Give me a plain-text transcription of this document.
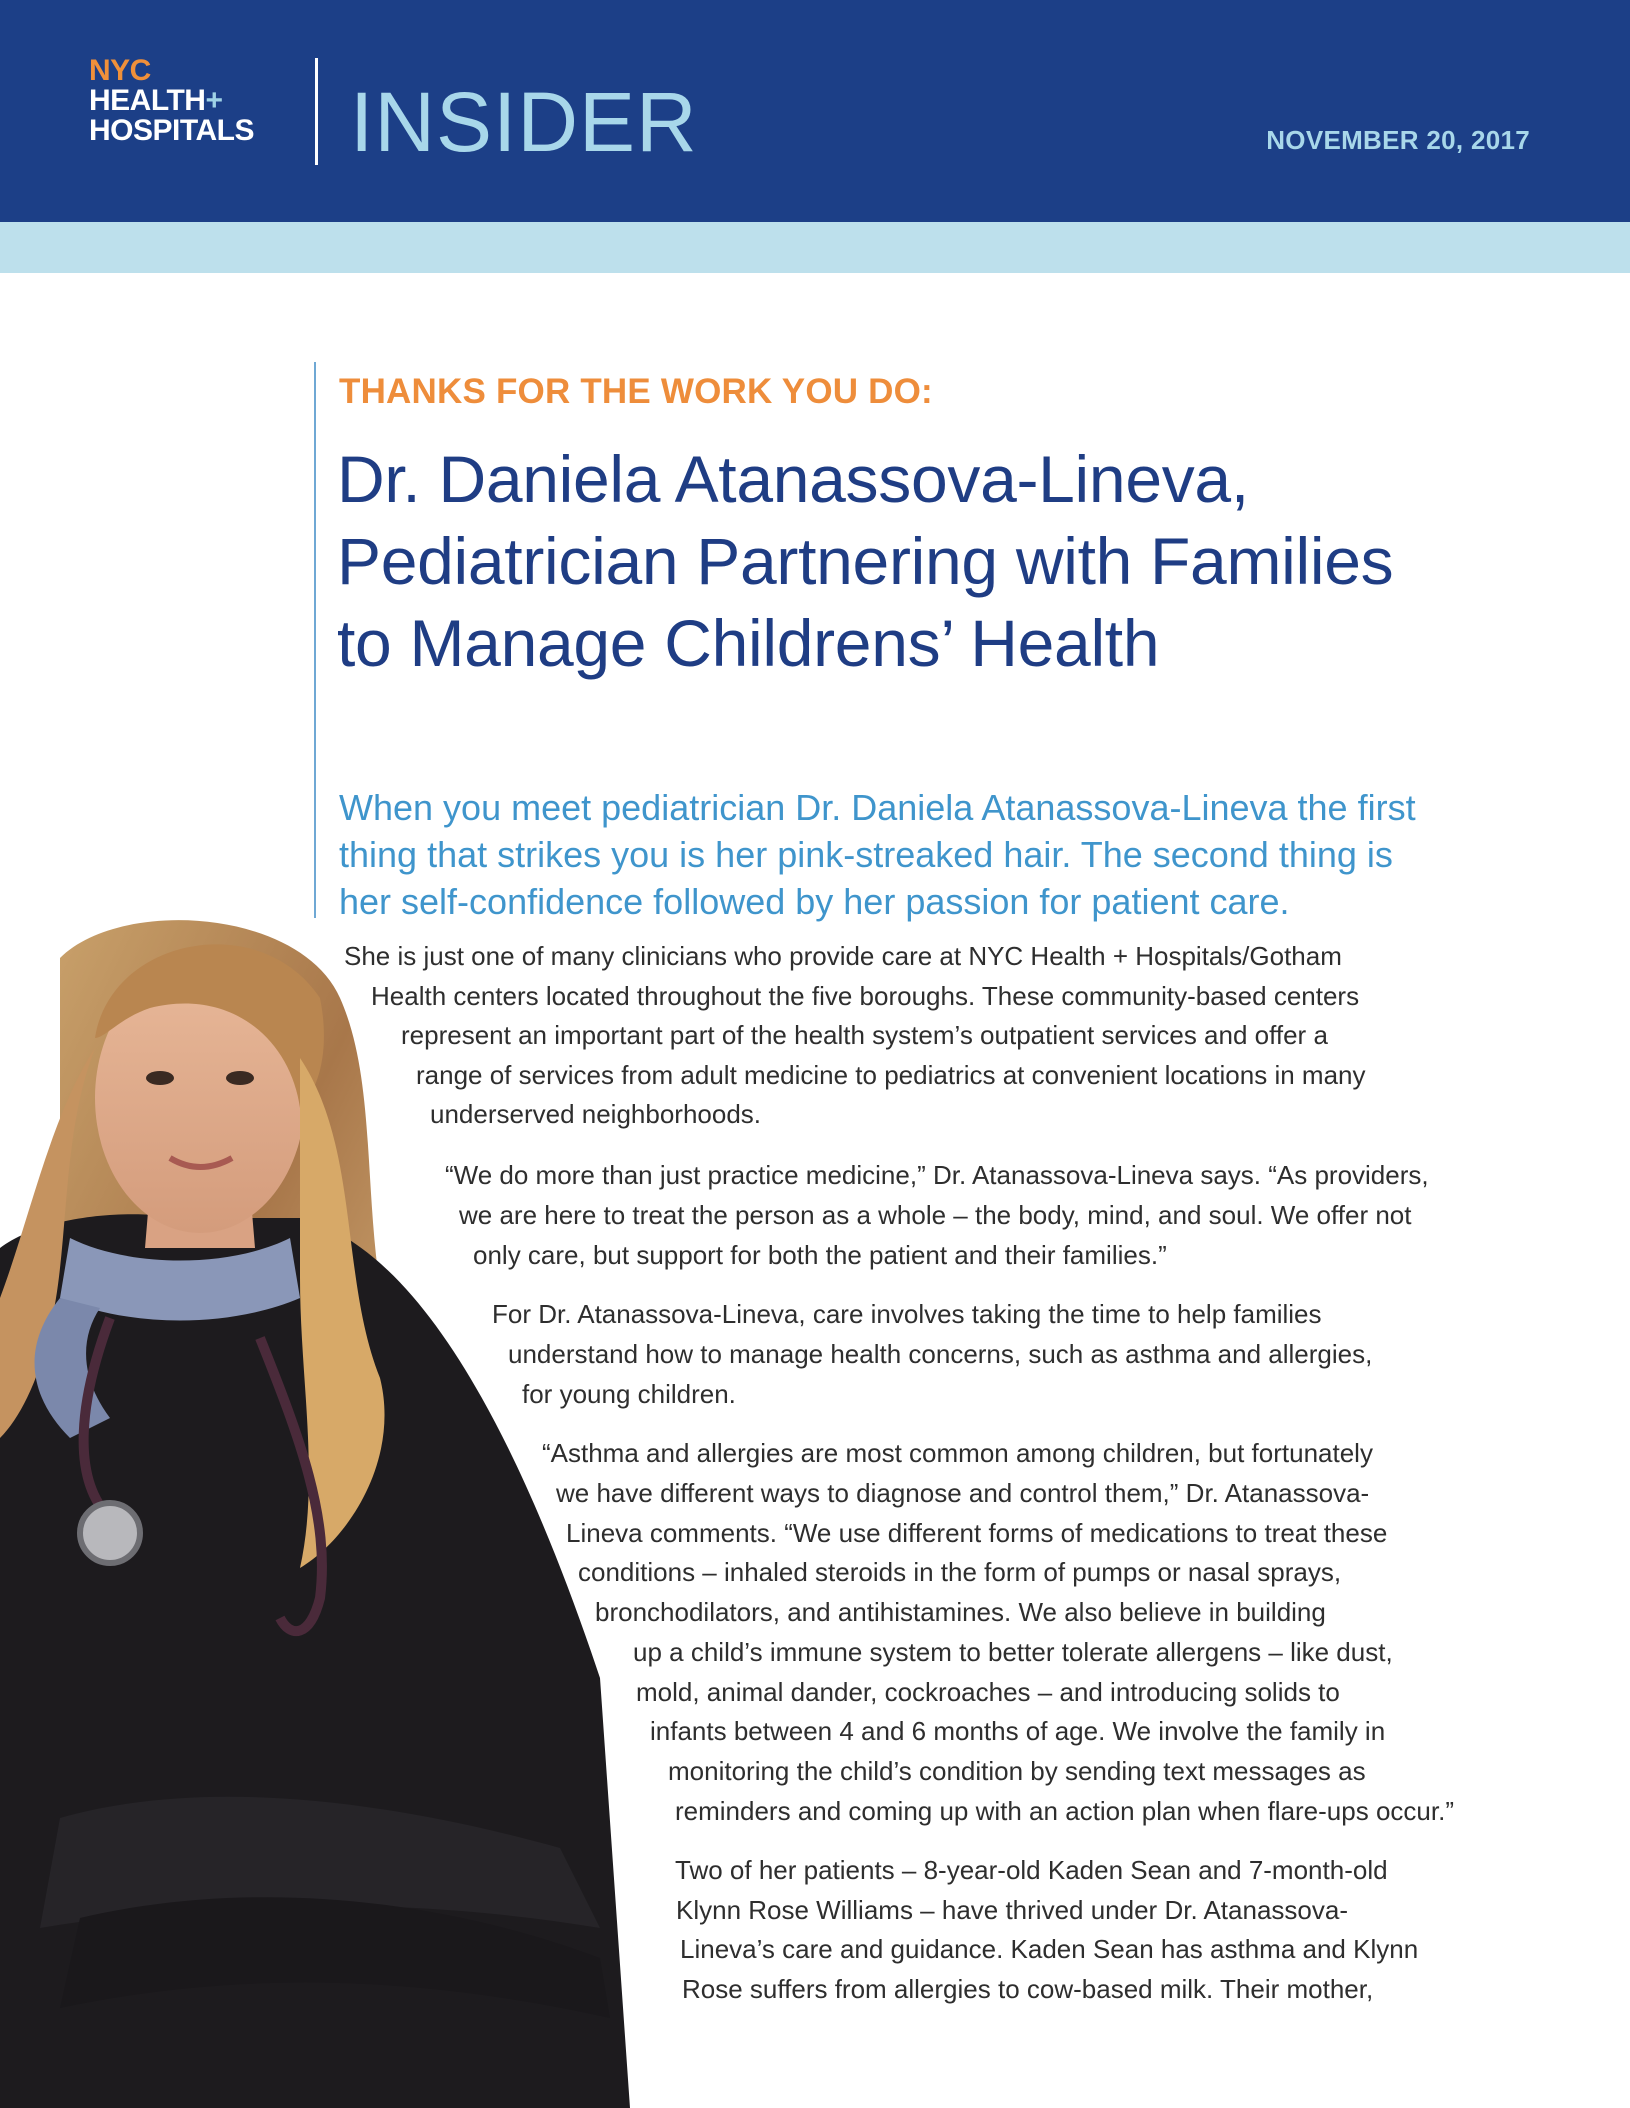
NYC
HEALTH+
HOSPITALS INSIDER	NOVEMBER 20, 2017
THANKS FOR THE WORK YOU DO:
Dr. Daniela Atanassova-Lineva,
Pediatrician Partnering with Families
to Manage Childrens’ Health
When you meet pediatrician Dr. Daniela Atanassova-Lineva the first
thing that strikes you is her pink-streaked hair. The second thing is
her self-confidence followed by her passion for patient care.
She is just one of many clinicians who provide care at NYC Health + Hospitals/Gotham
Health centers located throughout the five boroughs. These community-based centers
represent an important part of the health system’s outpatient services and offer a
range of services from adult medicine to pediatrics at convenient locations in many
underserved neighborhoods.
“We do more than just practice medicine,” Dr. Atanassova-Lineva says. “As providers,
we are here to treat the person as a whole – the body, mind, and soul. We offer not
only care, but support for both the patient and their families.”
For Dr. Atanassova-Lineva, care involves taking the time to help families
understand how to manage health concerns, such as asthma and allergies,
for young children.
“Asthma and allergies are most common among children, but fortunately
we have different ways to diagnose and control them,” Dr. Atanassova-
Lineva comments. “We use different forms of medications to treat these
conditions – inhaled steroids in the form of pumps or nasal sprays,
bronchodilators, and antihistamines. We also believe in building
up a child’s immune system to better tolerate allergens – like dust,
mold, animal dander, cockroaches – and introducing solids to
infants between 4 and 6 months of age. We involve the family in
monitoring the child’s condition by sending text messages as
reminders and coming up with an action plan when flare-ups occur.”
Two of her patients – 8-year-old Kaden Sean and 7-month-old
Klynn Rose Williams – have thrived under Dr. Atanassova-
Lineva’s care and guidance. Kaden Sean has asthma and Klynn
Rose suffers from allergies to cow-based milk. Their mother,
